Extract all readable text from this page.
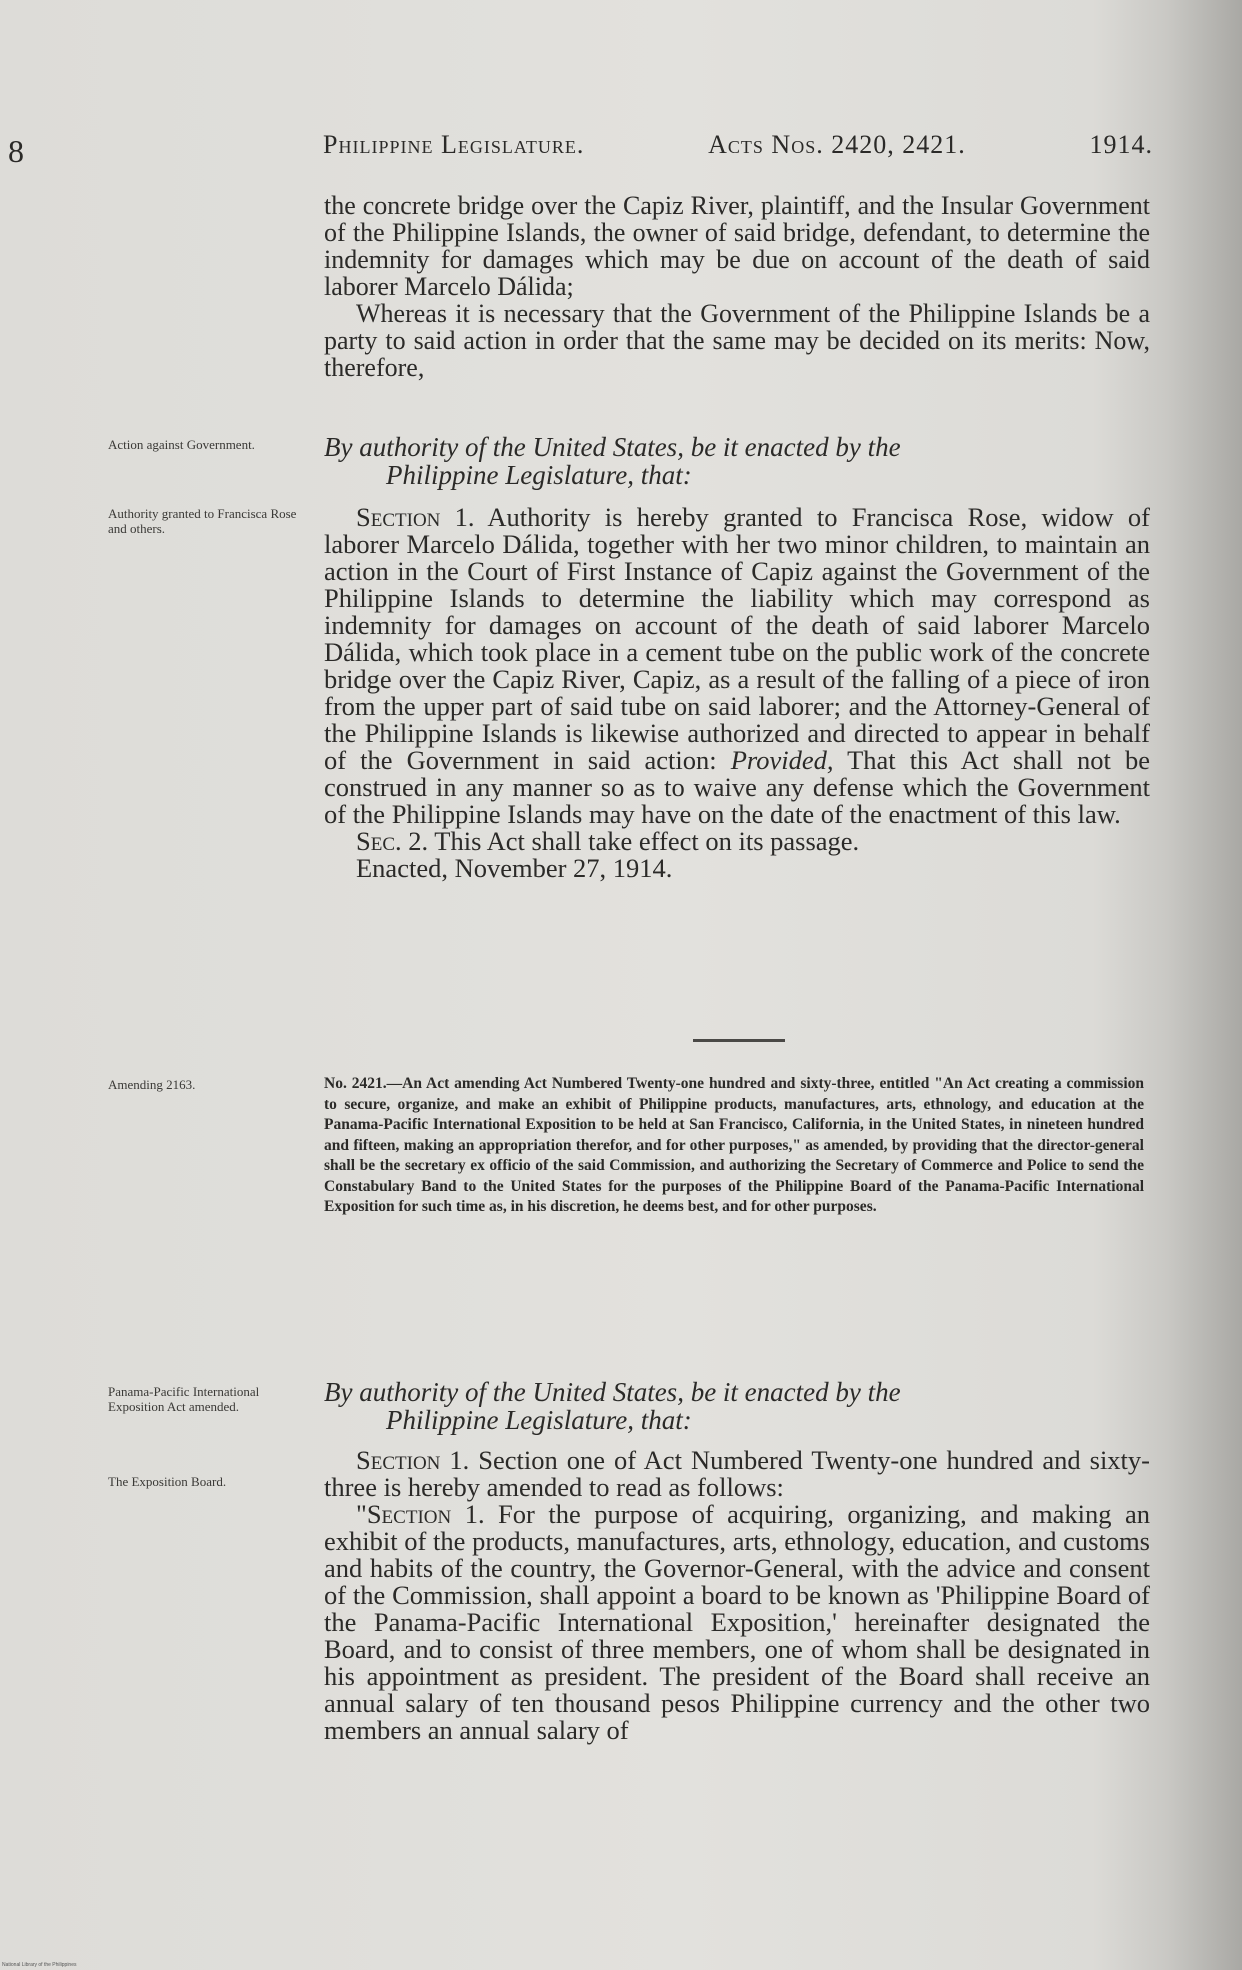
8	Philippine Legislature.	Acts Nos. 2420, 2421.	1914.

the concrete bridge over the Capiz River, plaintiff, and the Insular Government of the Philippine Islands, the owner of said bridge, defendant, to determine the indemnity for damages which may be due on account of the death of said laborer Marcelo Dálida;

Whereas it is necessary that the Government of the Philippine Islands be a party to said action in order that the same may be decided on its merits: Now, therefore,

Action against Government.	By authority of the United States, be it enacted by the
Philippine Legislature, that:
Authority granted to Francisca Rose and others.	Section 1. Authority is hereby granted to Francisca Rose, widow of laborer Marcelo Dálida, together with her two minor children, to maintain an action in the Court of First Instance of Capiz against the Government of the Philippine Islands to determine the liability which may correspond as indemnity for damages on account of the death of said laborer Marcelo Dálida, which took place in a cement tube on the public work of the concrete bridge over the Capiz River, Capiz, as a result of the falling of a piece of iron from the upper part of said tube on said laborer; and the Attorney-General of the Philippine Islands is likewise authorized and directed to appear in behalf of the Government in said action: Provided, That this Act shall not be construed in any manner so as to waive any defense which the Government of the Philippine Islands may have on the date of the enactment of this law.

Sec. 2. This Act shall take effect on its passage.

Enacted, November 27, 1914.

Amending 2163.	No. 2421.—An Act amending Act Numbered Twenty-one hundred and sixty-three, entitled "An Act creating a commission to secure, organize, and make an exhibit of Philippine products, manufactures, arts, ethnology, and education at the Panama-Pacific International Exposition to be held at San Francisco, California, in the United States, in nineteen hundred and fifteen, making an appropriation therefor, and for other purposes," as amended, by providing that the director-general shall be the secretary ex officio of the said Commission, and authorizing the Secretary of Commerce and Police to send the Constabulary Band to the United States for the purposes of the Philippine Board of the Panama-Pacific International Exposition for such time as, in his discretion, he deems best, and for other purposes.
Panama-Pacific International Exposition Act amended.	By authority of the United States, be it enacted by the
Philippine Legislature, that:
The Exposition Board.

Section 1. Section one of Act Numbered Twenty-one hundred and sixty-three is hereby amended to read as follows:

"Section 1. For the purpose of acquiring, organizing, and making an exhibit of the products, manufactures, arts, ethnology, education, and customs and habits of the country, the Governor-General, with the advice and consent of the Commission, shall appoint a board to be known as 'Philippine Board of the Panama-Pacific International Exposition,' hereinafter designated the Board, and to consist of three members, one of whom shall be designated in his appointment as president. The president of the Board shall receive an annual salary of ten thousand pesos Philippine currency and the other two members an annual salary of

National Library of the Philippines
